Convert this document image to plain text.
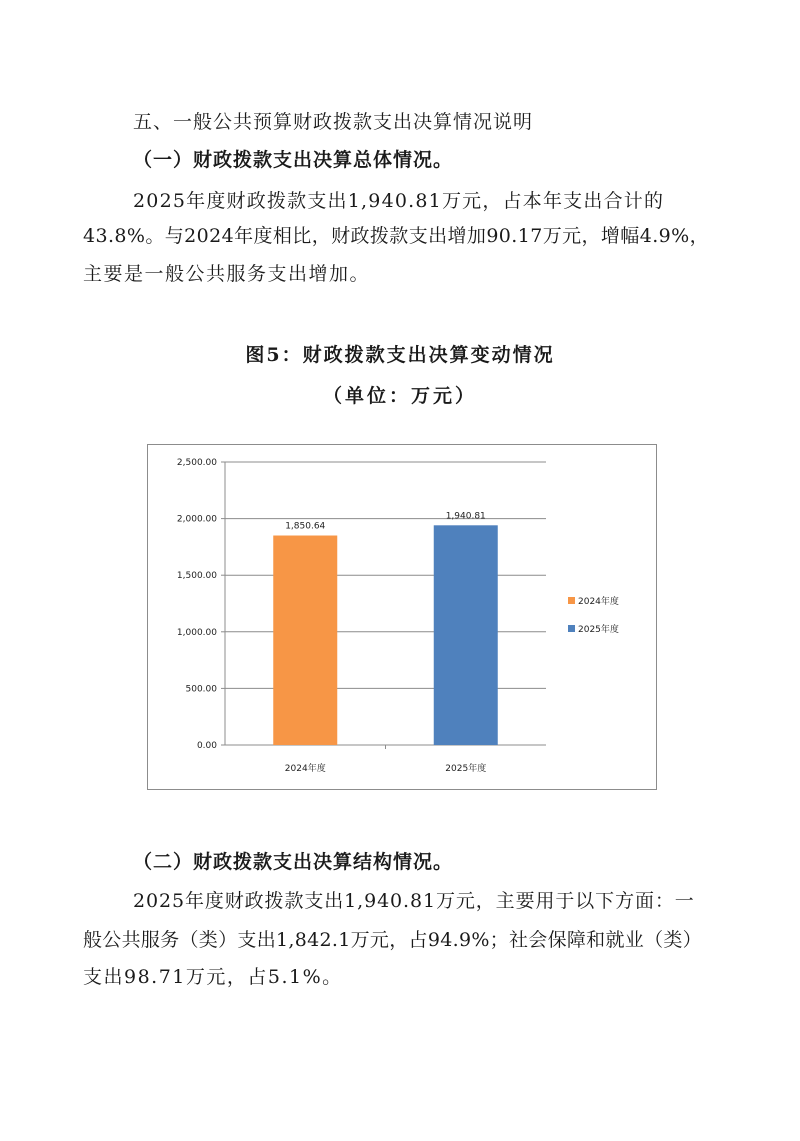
五、一般公共预算财政拨款支出决算情况说明
（一）财政拨款支出决算总体情况。
2025年度财政拨款支出1,940.81万元，占本年支出合计的
43.8%。与2024年度相比，财政拨款支出增加90.17万元，增幅4.9%，
主要是一般公共服务支出增加。
图5：财政拨款支出决算变动情况
（单位：万元）
0.00
500.00
1,000.00
1,500.00
2,000.00
2,500.00
1,850.64
2024年度
1,940.81
2025年度
2024年度
2025年度
（二）财政拨款支出决算结构情况。
2025年度财政拨款支出1,940.81万元，主要用于以下方面：一
般公共服务（类）支出1,842.1万元，占94.9%；社会保障和就业（类）
支出98.71万元，占5.1%。
